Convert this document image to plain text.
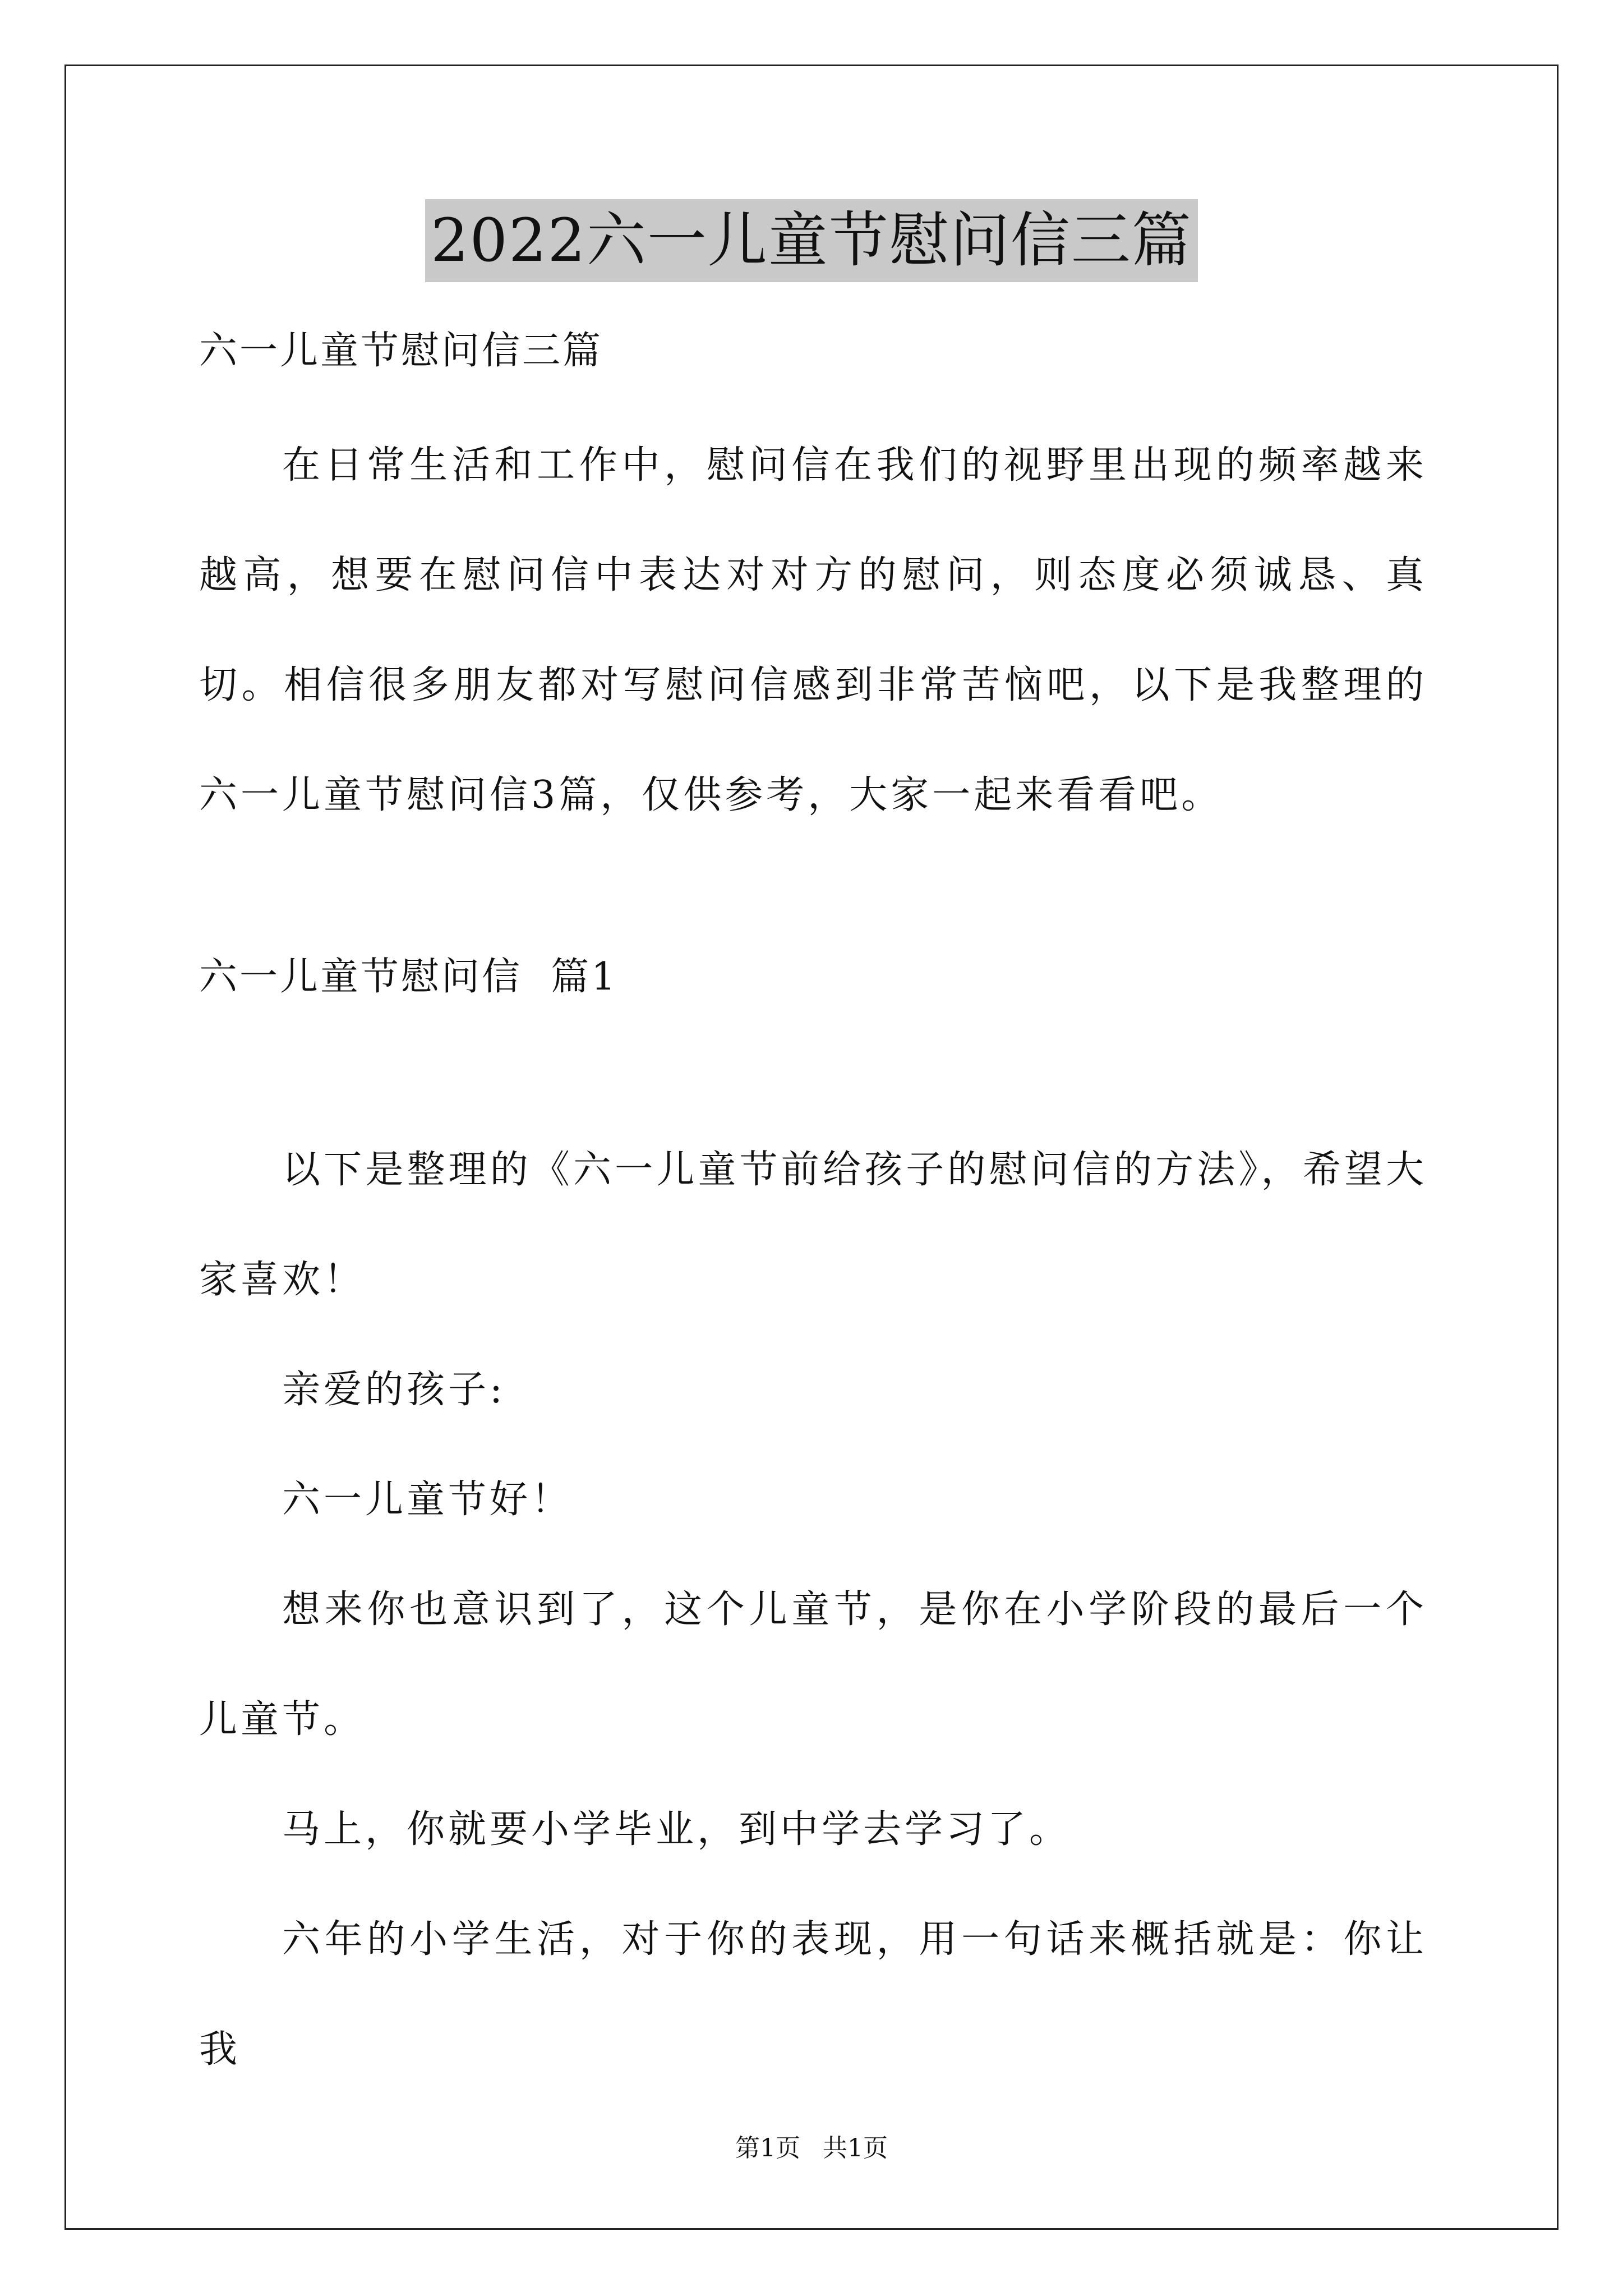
2022六一儿童节慰问信三篇
六一儿童节慰问信三篇

在日常生活和工作中，慰问信在我们的视野里出现的频率越来越高，想要在慰问信中表达对对方的慰问，则态度必须诚恳、真切。相信很多朋友都对写慰问信感到非常苦恼吧，以下是我整理的六一儿童节慰问信3篇，仅供参考，大家一起来看看吧。

六一儿童节慰问信  篇1

以下是整理的《六一儿童节前给孩子的慰问信的方法》，希望大家喜欢！

亲爱的孩子:

六一儿童节好！

想来你也意识到了，这个儿童节，是你在小学阶段的最后一个儿童节。

马上，你就要小学毕业，到中学去学习了。

六年的小学生活，对于你的表现，用一句话来概括就是：你让我

第1页 共1页
